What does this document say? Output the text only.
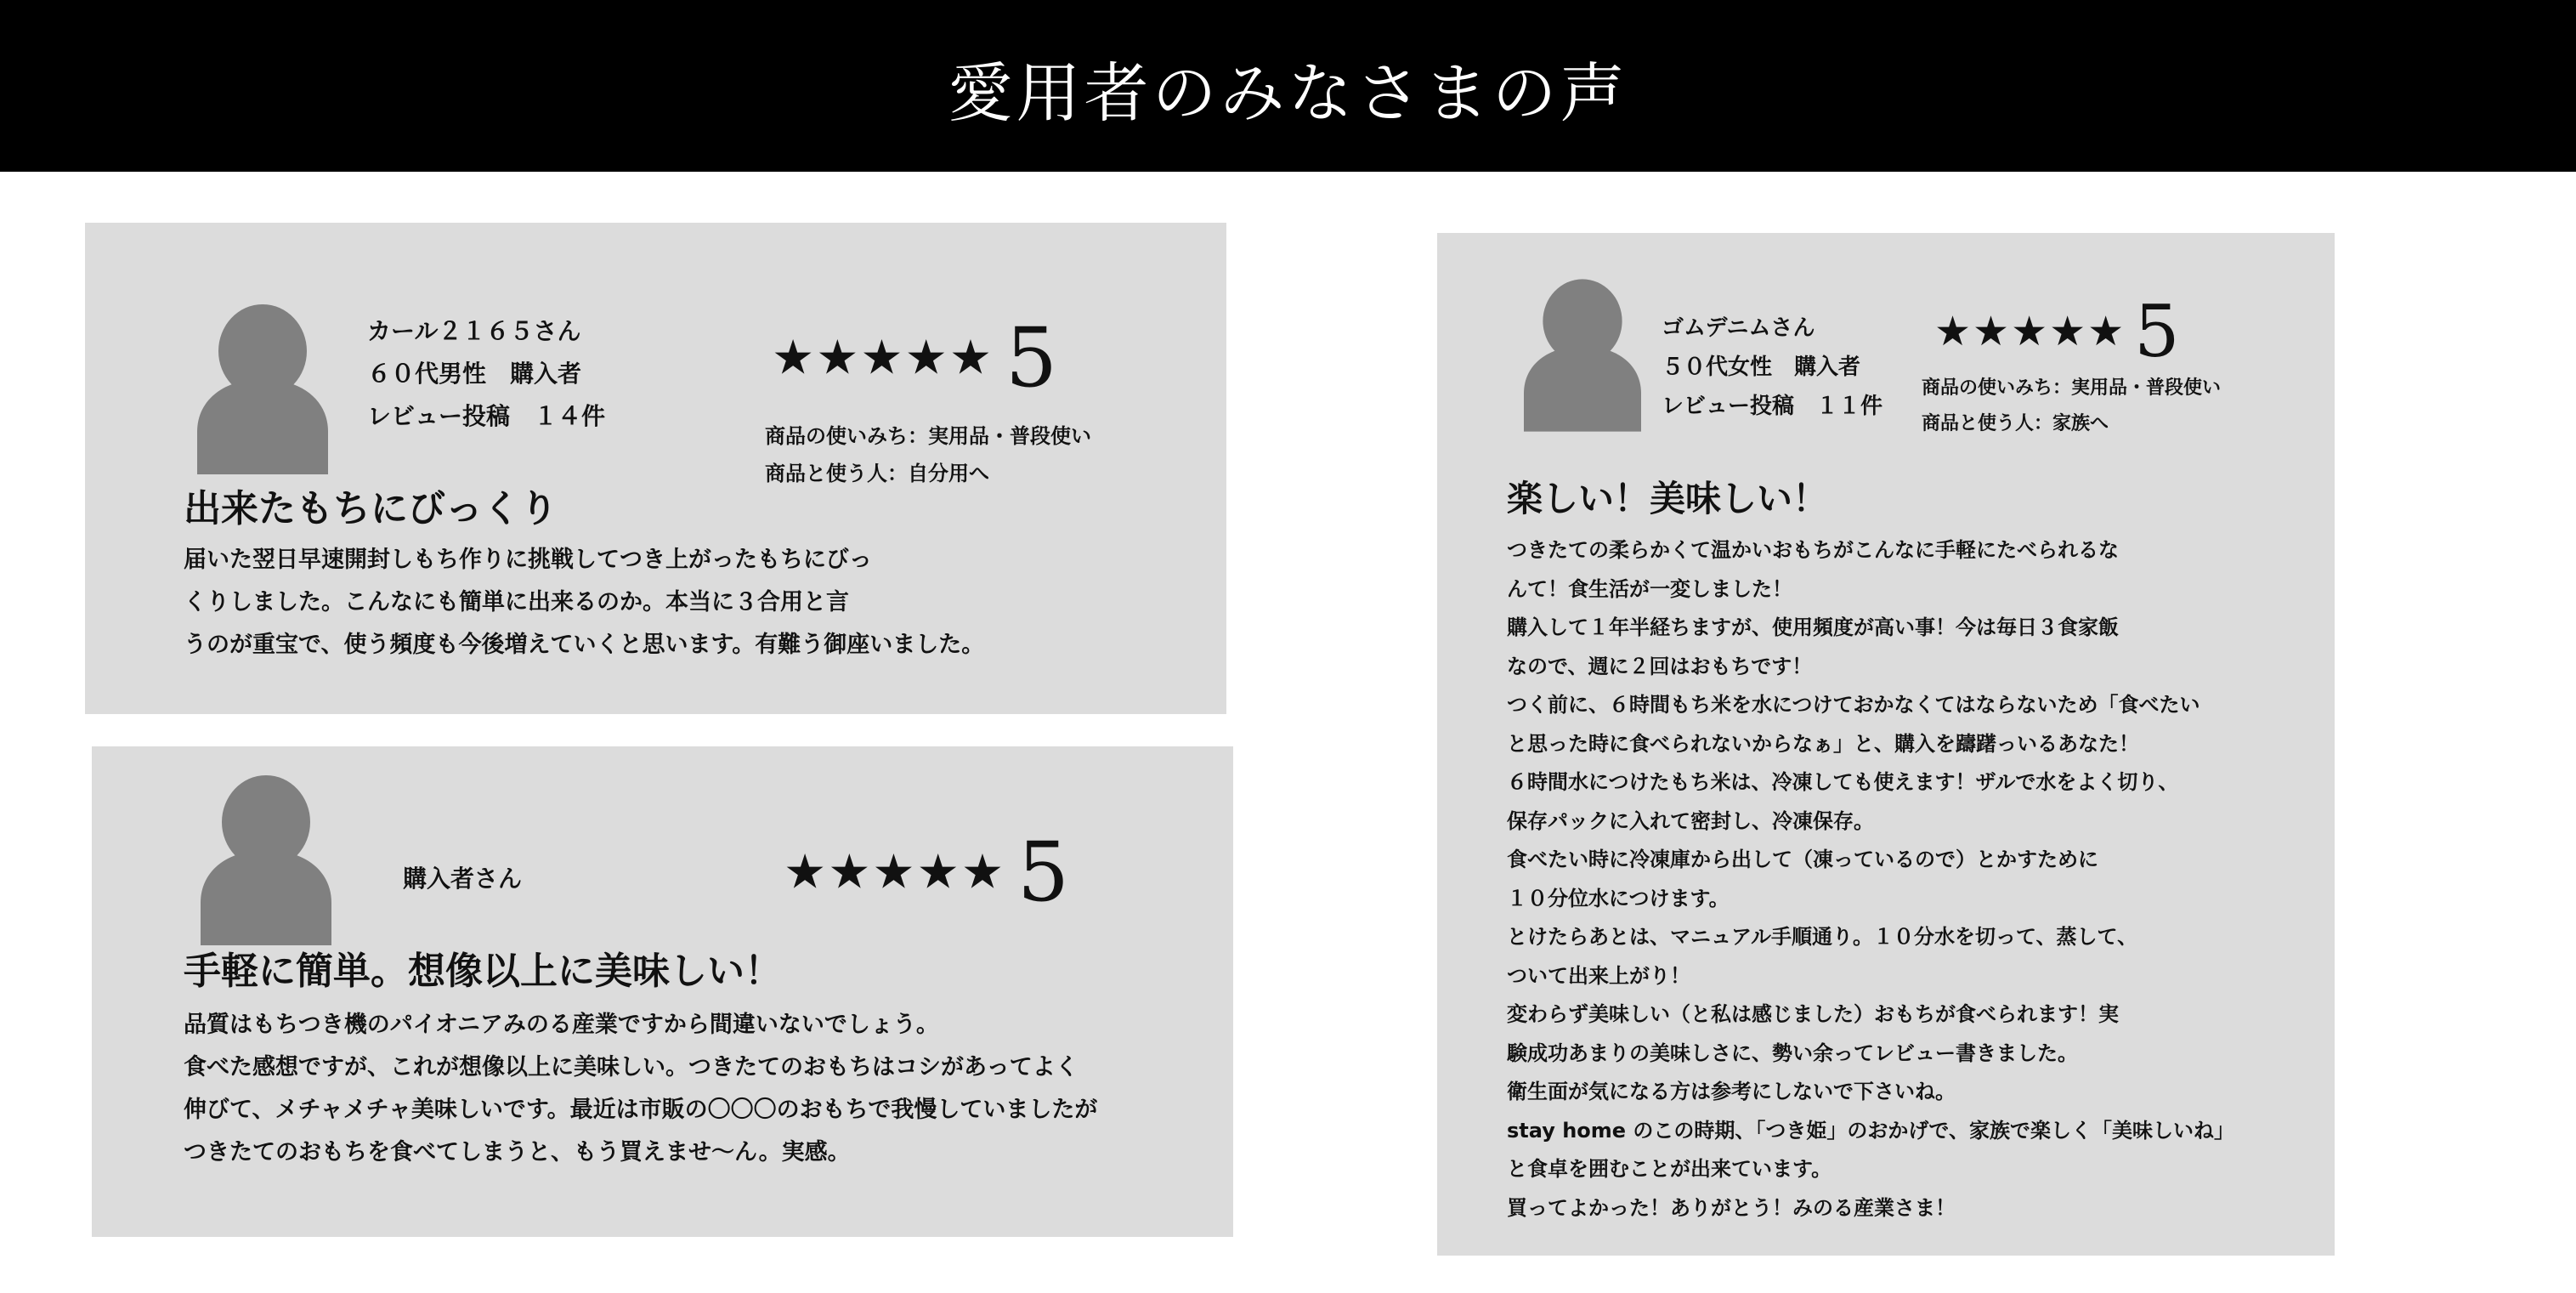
愛用者のみなさまの声
カール２１６５さん
６０代男性　購入者
レビュー投稿　１４件
★★★★★ 5
商品の使いみち：実用品・普段使い
商品と使う人：自分用へ
出来たもちにびっくり
届いた翌日早速開封しもち作りに挑戦してつき上がったもちにびっ
くりしました。こんなにも簡単に出来るのか。本当に３合用と言
うのが重宝で、使う頻度も今後増えていくと思います。有難う御座いました。
購入者さん	★★★★★ 5
手軽に簡単。想像以上に美味しい！
品質はもちつき機のパイオニアみのる産業ですから間違いないでしょう。
食べた感想ですが、これが想像以上に美味しい。つきたてのおもちはコシがあってよく
伸びて、メチャメチャ美味しいです。最近は市販の〇〇〇のおもちで我慢していましたが
つきたてのおもちを食べてしまうと、もう買えませ〜ん。実感。
ゴムデニムさん
５０代女性　購入者
レビュー投稿　１１件
★★★★★ 5
商品の使いみち：実用品・普段使い
商品と使う人：家族へ
楽しい！美味しい！
つきたての柔らかくて温かいおもちがこんなに手軽にたべられるな
んて！食生活が一変しました！
購入して１年半経ちますが、使用頻度が高い事！今は毎日３食家飯
なので、週に２回はおもちです！
つく前に、６時間もち米を水につけておかなくてはならないため「食べたい
と思った時に食べられないからなぁ」と、購入を躊躇っいるあなた！
６時間水につけたもち米は、冷凍しても使えます！ザルで水をよく切り、
保存パックに入れて密封し、冷凍保存。
食べたい時に冷凍庫から出して（凍っているので）とかすために
１０分位水につけます。
とけたらあとは、マニュアル手順通り。１０分水を切って、蒸して、
ついて出来上がり！
変わらず美味しい（と私は感じました）おもちが食べられます！実
験成功あまりの美味しさに、勢い余ってレビュー書きました。
衛生面が気になる方は参考にしないで下さいね。
stay home のこの時期、「つき姫」のおかげで、家族で楽しく「美味しいね」
と食卓を囲むことが出来ています。
買ってよかった！ありがとう！みのる産業さま！
